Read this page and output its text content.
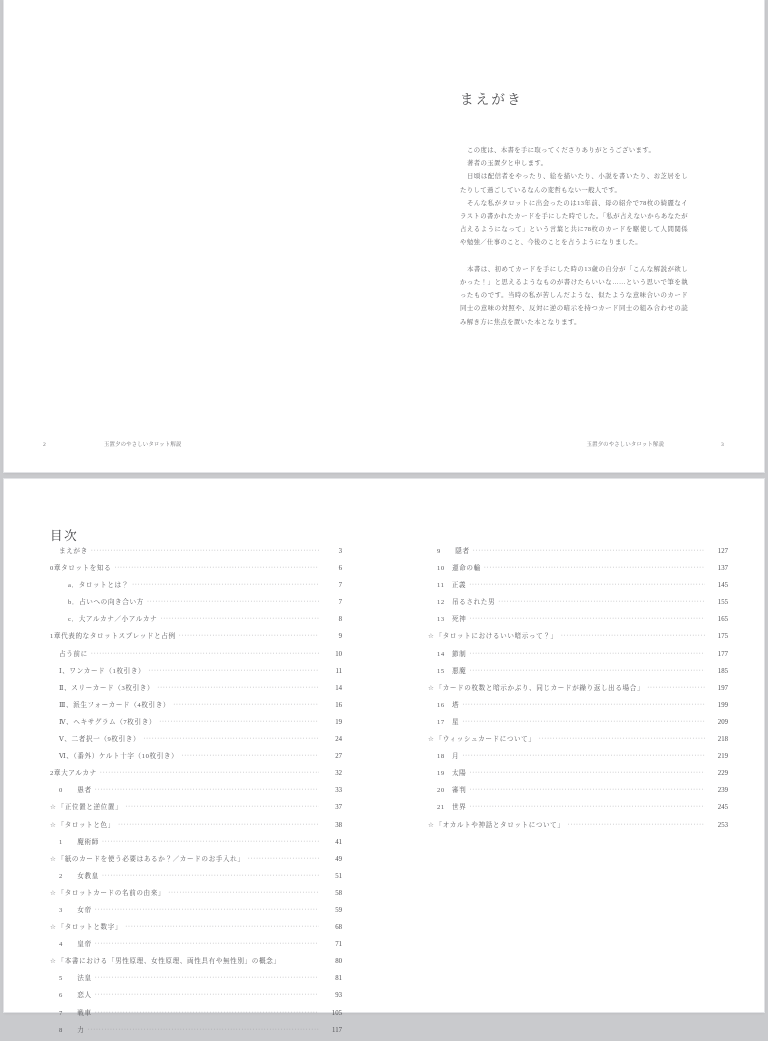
まえがき

この度は、本書を手に取ってくださりありがとうございます。

著者の玉置夕と申します。

日頃は配信者をやったり、絵を描いたり、小説を書いたり、お芝居をしたりして過ごしているなんの変哲もない一般人です。

そんな私がタロットに出会ったのは13年前、母の紹介で78枚の綺麗なイラストの書かれたカードを手にした時でした。「私が占えないからあなたが占えるようになって」という言葉と共に78枚のカードを駆使して人間関係や勉強／仕事のこと、今後のことを占うようになりました。

本書は、初めてカードを手にした時の13歳の自分が「こんな解説が欲しかった！」と思えるようなものが書けたらいいな……という思いで筆を執ったものです。当時の私が苦しんだような、似たような意味合いのカード同士の意味の対照や、反対に逆の暗示を持つカード同士の組み合わせの読み解き方に焦点を置いた本となります。

2	玉置夕のやさしいタロット解説	玉置夕のやさしいタロット解説	3
目次
まえがき ·····	3
0章タロットを知る ·····	6
a．タロットとは？ ·····	7
b．占いへの向き合い方 ·····	7
c．大アルカナ／小アルカナ ·····	8
1章代表的なタロットスプレッドと占例 ·····	9
占う前に ·····	10
Ⅰ、ワンカード（1枚引き） ·····	11
Ⅱ、スリーカード（3枚引き） ·····	14
Ⅲ、派生フォーカード（4枚引き） ·····	16
Ⅳ、ヘキサグラム（7枚引き） ·····	19
Ⅴ、二者択一（9枚引き） ·····	24
Ⅵ、（番外）ケルト十字（10枚引き） ·····	27
2章大アルカナ ·····	32
0　　愚者 ·····	33
☆「正位置と逆位置」 ·····	37
☆「タロットと色」 ·····	38
1　　魔術師 ·····	41
☆「紙のカードを使う必要はあるか？／カードのお手入れ」 ·····	49
2　　女教皇 ·····	51
☆「タロットカードの名前の由来」 ·····	58
3　　女帝 ·····	59
☆「タロットと数字」 ·····	68
4　　皇帝 ·····	71
☆「本書における「男性原理、女性原理、両性具有や無性別」の概念」	80
5　　法皇 ·····	81
6　　恋人 ·····	93
7　　戦車 ·····	105
8　　力 ·····	117
9　　隠者 ·····	127
10　運命の輪 ·····	137
11　正義 ·····	145
12　吊るされた男 ·····	155
13　死神 ·····	165
☆「タロットにおけるいい暗示って？」 ·····	175
14　節制 ·····	177
15　悪魔 ·····	185
☆「カードの枚数と暗示かぶり、同じカードが繰り返し出る場合」 ·····	197
16　塔 ·····	199
17　星 ·····	209
☆「ウィッシュカードについて」 ·····	218
18　月 ·····	219
19　太陽 ·····	229
20　審判 ·····	239
21　世界 ·····	245
☆「オカルトや神話とタロットについて」 ·····	253
